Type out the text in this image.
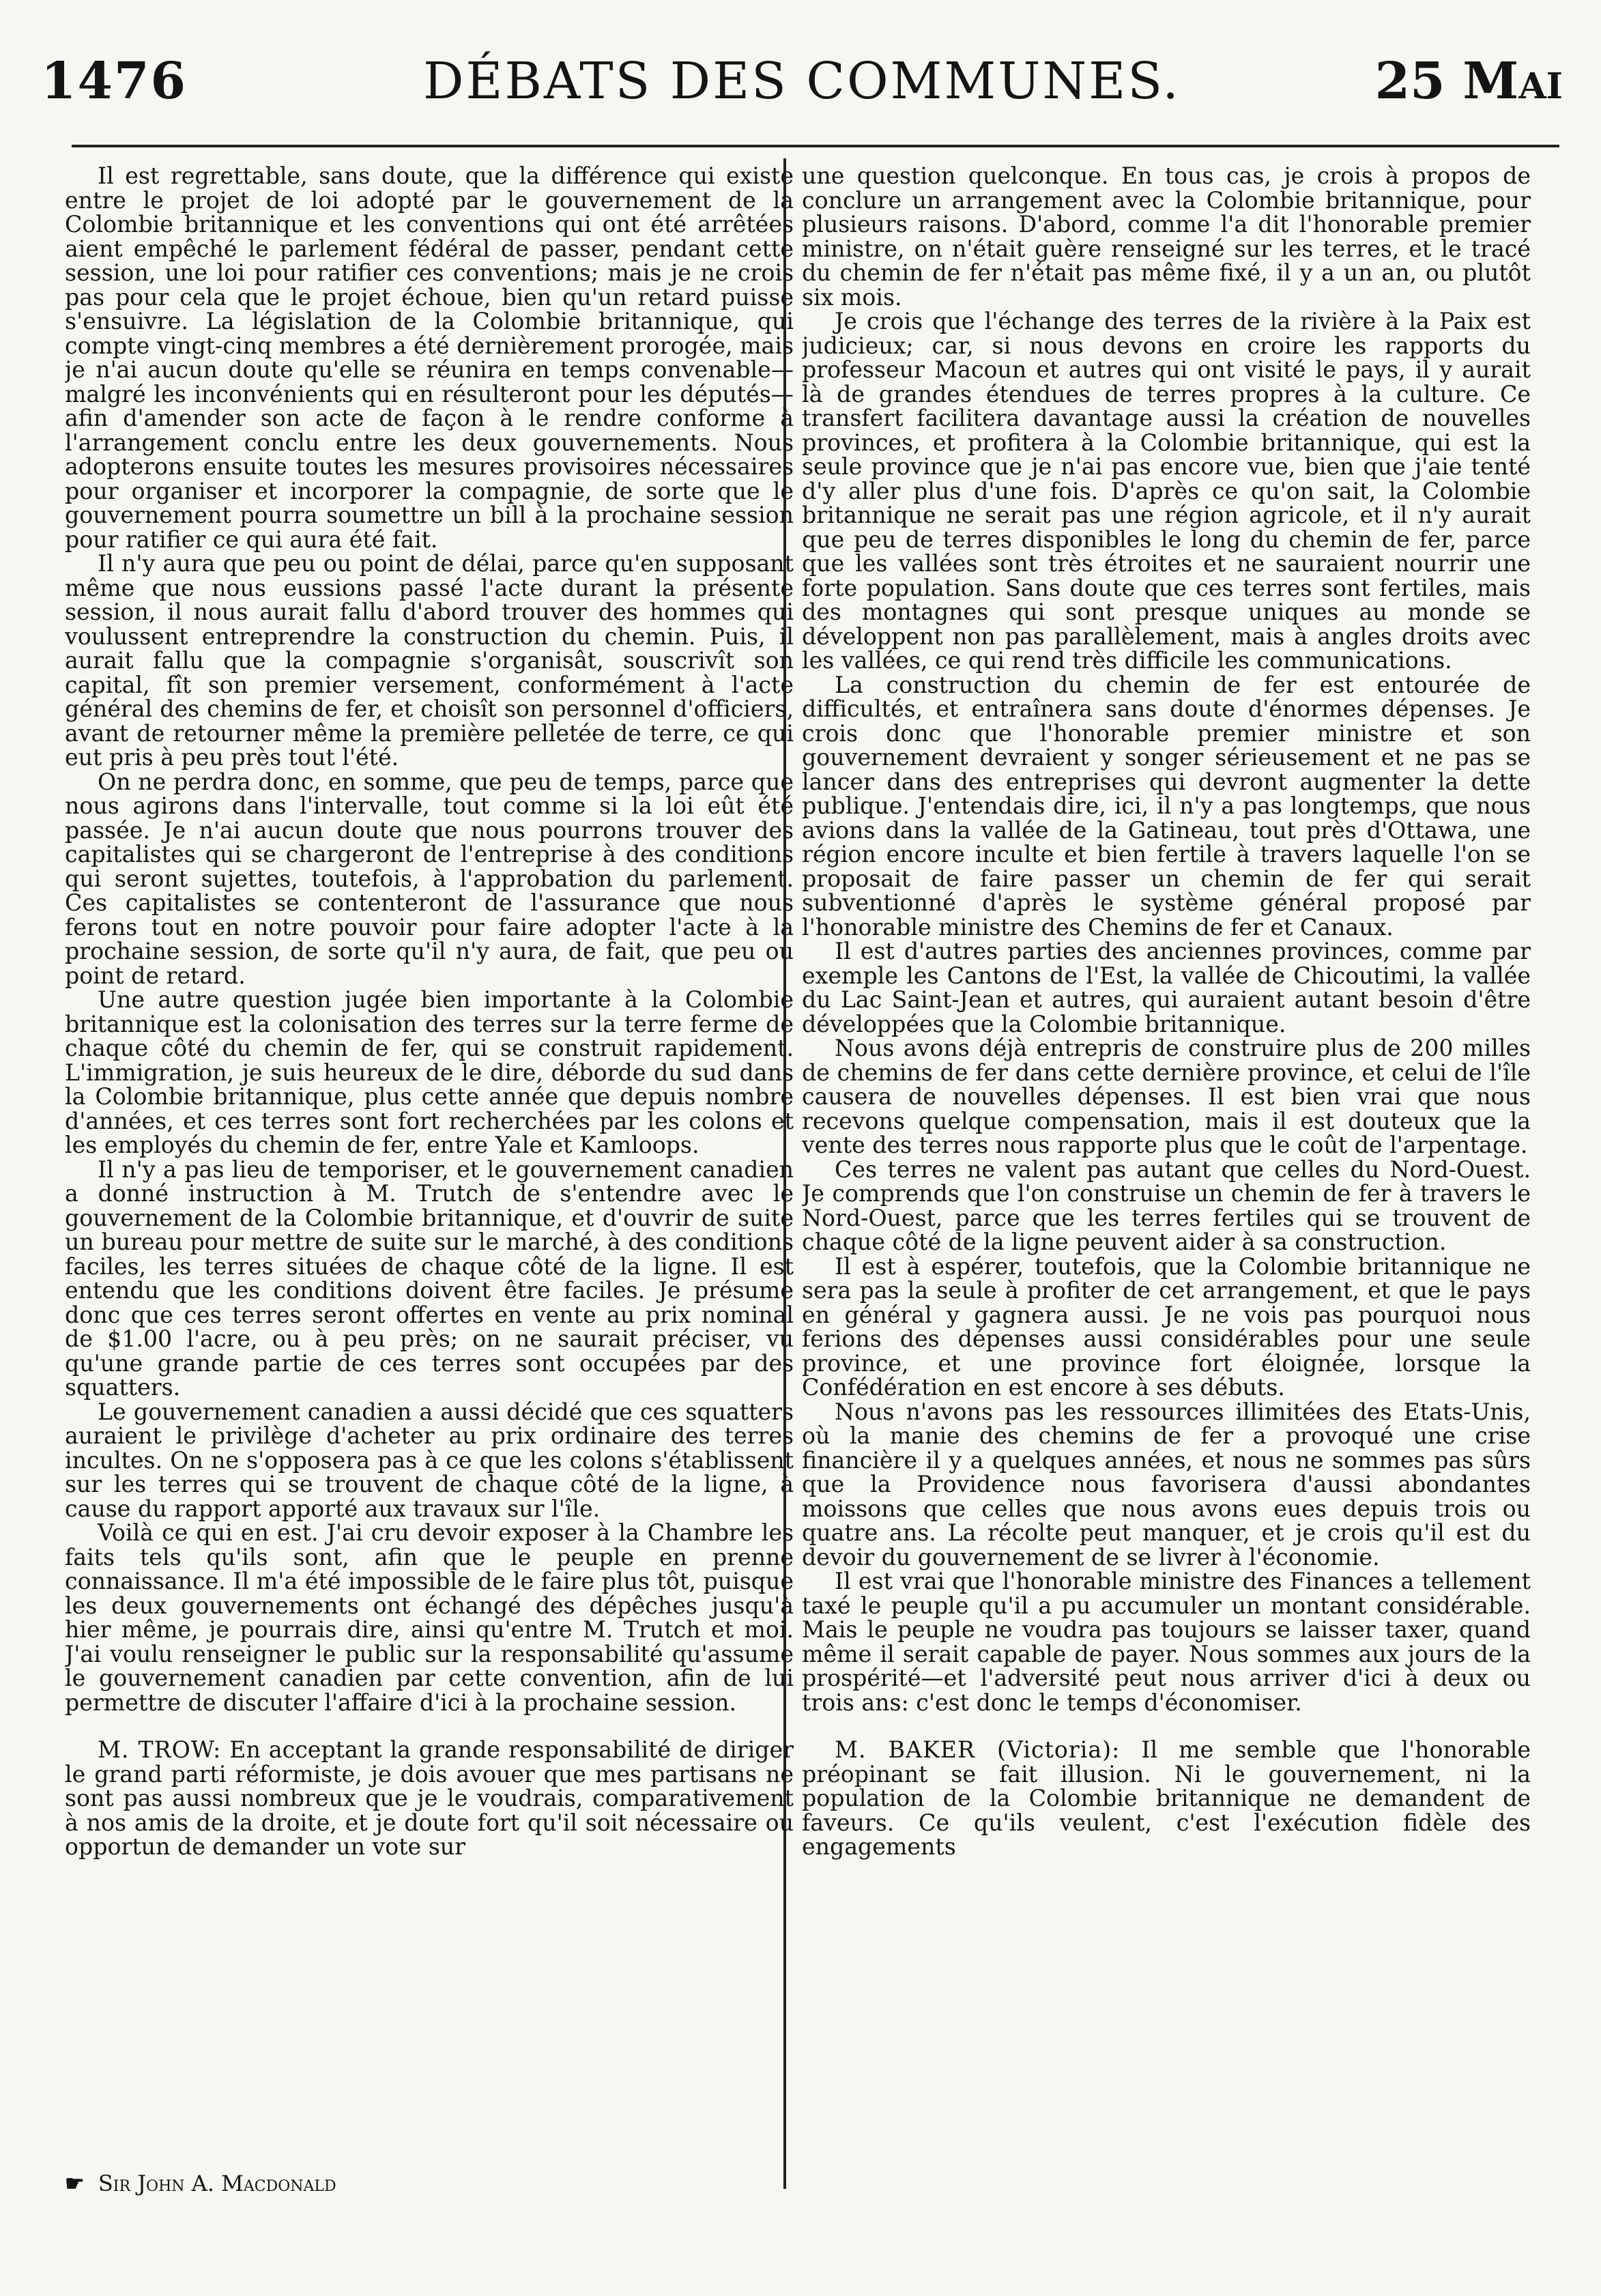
1476	DÉBATS DES COMMUNES.	25 Mai

Il est regrettable, sans doute, que la différence qui existe entre le projet de loi adopté par le gouvernement de la Colombie britannique et les conventions qui ont été arrêtées aient empêché le parlement fédéral de passer, pendant cette session, une loi pour ratifier ces conventions; mais je ne crois pas pour cela que le projet échoue, bien qu'un retard puisse s'ensuivre. La législation de la Colombie britannique, qui compte vingt-cinq membres a été dernièrement prorogée, mais je n'ai aucun doute qu'elle se réunira en temps convenable—malgré les inconvénients qui en résulteront pour les députés—afin d'amender son acte de façon à le rendre conforme à l'arrangement conclu entre les deux gouvernements. Nous adopterons ensuite toutes les mesures provisoires nécessaires pour organiser et incorporer la compagnie, de sorte que le gouvernement pourra soumettre un bill à la prochaine session pour ratifier ce qui aura été fait.

Il n'y aura que peu ou point de délai, parce qu'en supposant même que nous eussions passé l'acte durant la présente session, il nous aurait fallu d'abord trouver des hommes qui voulussent entreprendre la construction du chemin. Puis, il aurait fallu que la compagnie s'organisât, souscrivît son capital, fît son premier versement, conformément à l'acte général des chemins de fer, et choisît son personnel d'officiers, avant de retourner même la première pelletée de terre, ce qui eut pris à peu près tout l'été.

On ne perdra donc, en somme, que peu de temps, parce que nous agirons dans l'intervalle, tout comme si la loi eût été passée. Je n'ai aucun doute que nous pourrons trouver des capitalistes qui se chargeront de l'entreprise à des conditions qui seront sujettes, toutefois, à l'approbation du parlement. Ces capitalistes se contenteront de l'assurance que nous ferons tout en notre pouvoir pour faire adopter l'acte à la prochaine session, de sorte qu'il n'y aura, de fait, que peu ou point de retard.

Une autre question jugée bien importante à la Colombie britannique est la colonisation des terres sur la terre ferme de chaque côté du chemin de fer, qui se construit rapidement. L'immigration, je suis heureux de le dire, déborde du sud dans la Colombie britannique, plus cette année que depuis nombre d'années, et ces terres sont fort recherchées par les colons et les employés du chemin de fer, entre Yale et Kamloops.

Il n'y a pas lieu de temporiser, et le gouvernement canadien a donné instruction à M. Trutch de s'entendre avec le gouvernement de la Colombie britannique, et d'ouvrir de suite un bureau pour mettre de suite sur le marché, à des conditions faciles, les terres situées de chaque côté de la ligne. Il est entendu que les conditions doivent être faciles. Je présume donc que ces terres seront offertes en vente au prix nominal de $1.00 l'acre, ou à peu près; on ne saurait préciser, vu qu'une grande partie de ces terres sont occupées par des squatters.

Le gouvernement canadien a aussi décidé que ces squatters auraient le privilège d'acheter au prix ordinaire des terres incultes. On ne s'opposera pas à ce que les colons s'établissent sur les terres qui se trouvent de chaque côté de la ligne, à cause du rapport apporté aux travaux sur l'île.

Voilà ce qui en est. J'ai cru devoir exposer à la Chambre les faits tels qu'ils sont, afin que le peuple en prenne connaissance. Il m'a été impossible de le faire plus tôt, puisque les deux gouvernements ont échangé des dépêches jusqu'à hier même, je pourrais dire, ainsi qu'entre M. Trutch et moi. J'ai voulu renseigner le public sur la responsabilité qu'assume le gouvernement canadien par cette convention, afin de lui permettre de discuter l'affaire d'ici à la prochaine session.

M. TROW: En acceptant la grande responsabilité de diriger le grand parti réformiste, je dois avouer que mes partisans ne sont pas aussi nombreux que je le voudrais, comparativement à nos amis de la droite, et je doute fort qu'il soit nécessaire ou opportun de demander un vote sur

une question quelconque. En tous cas, je crois à propos de conclure un arrangement avec la Colombie britannique, pour plusieurs raisons. D'abord, comme l'a dit l'honorable premier ministre, on n'était guère renseigné sur les terres, et le tracé du chemin de fer n'était pas même fixé, il y a un an, ou plutôt six mois.

Je crois que l'échange des terres de la rivière à la Paix est judicieux; car, si nous devons en croire les rapports du professeur Macoun et autres qui ont visité le pays, il y aurait là de grandes étendues de terres propres à la culture. Ce transfert facilitera davantage aussi la création de nouvelles provinces, et profitera à la Colombie britannique, qui est la seule province que je n'ai pas encore vue, bien que j'aie tenté d'y aller plus d'une fois. D'après ce qu'on sait, la Colombie britannique ne serait pas une région agricole, et il n'y aurait que peu de terres disponibles le long du chemin de fer, parce que les vallées sont très étroites et ne sauraient nourrir une forte population. Sans doute que ces terres sont fertiles, mais des montagnes qui sont presque uniques au monde se développent non pas parallèlement, mais à angles droits avec les vallées, ce qui rend très difficile les communications.

La construction du chemin de fer est entourée de difficultés, et entraînera sans doute d'énormes dépenses. Je crois donc que l'honorable premier ministre et son gouvernement devraient y songer sérieusement et ne pas se lancer dans des entreprises qui devront augmenter la dette publique. J'entendais dire, ici, il n'y a pas longtemps, que nous avions dans la vallée de la Gatineau, tout près d'Ottawa, une région encore inculte et bien fertile à travers laquelle l'on se proposait de faire passer un chemin de fer qui serait subventionné d'après le système général proposé par l'honorable ministre des Chemins de fer et Canaux.

Il est d'autres parties des anciennes provinces, comme par exemple les Cantons de l'Est, la vallée de Chicoutimi, la vallée du Lac Saint-Jean et autres, qui auraient autant besoin d'être développées que la Colombie britannique.

Nous avons déjà entrepris de construire plus de 200 milles de chemins de fer dans cette dernière province, et celui de l'île causera de nouvelles dépenses. Il est bien vrai que nous recevons quelque compensation, mais il est douteux que la vente des terres nous rapporte plus que le coût de l'arpentage.

Ces terres ne valent pas autant que celles du Nord-Ouest. Je comprends que l'on construise un chemin de fer à travers le Nord-Ouest, parce que les terres fertiles qui se trouvent de chaque côté de la ligne peuvent aider à sa construction.

Il est à espérer, toutefois, que la Colombie britannique ne sera pas la seule à profiter de cet arrangement, et que le pays en général y gagnera aussi. Je ne vois pas pourquoi nous ferions des dépenses aussi considérables pour une seule province, et une province fort éloignée, lorsque la Confédération en est encore à ses débuts.

Nous n'avons pas les ressources illimitées des Etats-Unis, où la manie des chemins de fer a provoqué une crise financière il y a quelques années, et nous ne sommes pas sûrs que la Providence nous favorisera d'aussi abondantes moissons que celles que nous avons eues depuis trois ou quatre ans. La récolte peut manquer, et je crois qu'il est du devoir du gouvernement de se livrer à l'économie.

Il est vrai que l'honorable ministre des Finances a tellement taxé le peuple qu'il a pu accumuler un montant considérable. Mais le peuple ne voudra pas toujours se laisser taxer, quand même il serait capable de payer. Nous sommes aux jours de la prospérité—et l'adversité peut nous arriver d'ici à deux ou trois ans: c'est donc le temps d'économiser.

M. BAKER (Victoria): Il me semble que l'honorable préopinant se fait illusion. Ni le gouvernement, ni la population de la Colombie britannique ne demandent de faveurs. Ce qu'ils veulent, c'est l'exécution fidèle des engagements

☛ Sir John A. Macdonald
